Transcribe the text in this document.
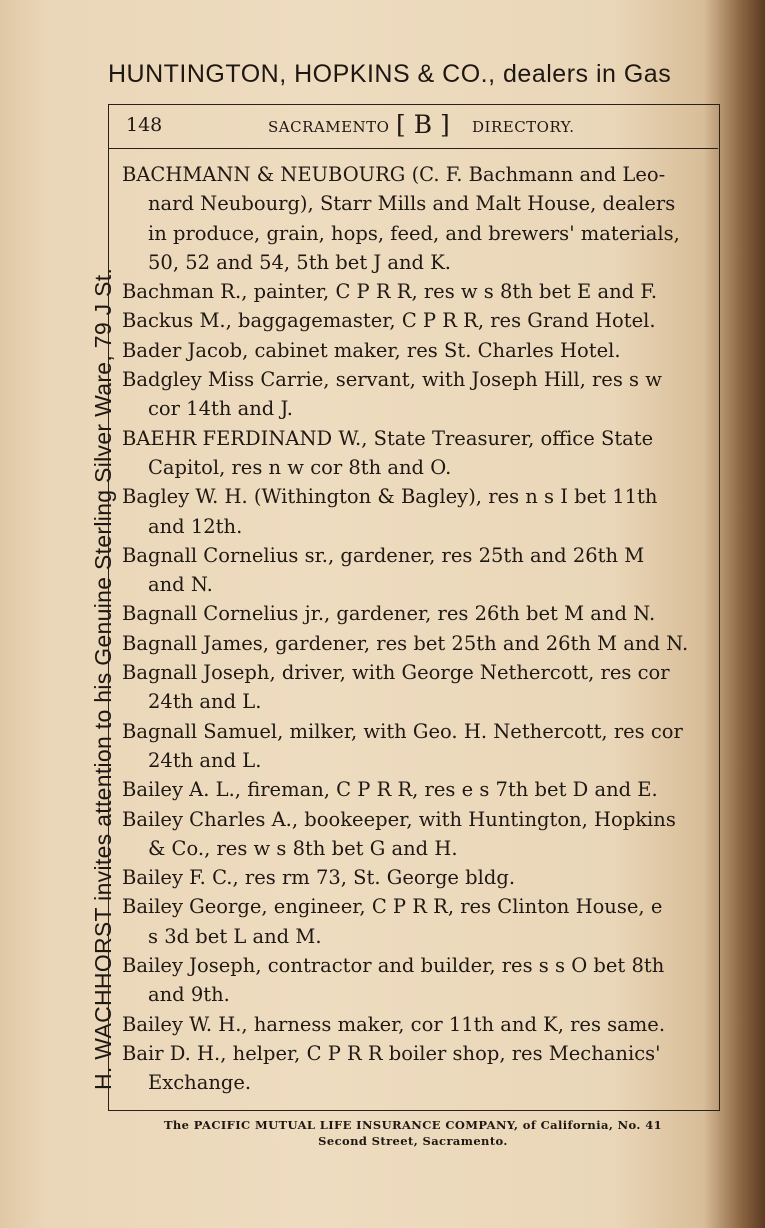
HUNTINGTON, HOPKINS & CO., dealers in Gas
H. WACHHORST invites attention to his Genuine Sterling Silver Ware, 79 J St.
148	SACRAMENTO [ B ] DIRECTORY.
BACHMANN & NEUBOURG (C. F. Bachmann and Leo-
nard Neubourg), Starr Mills and Malt House, dealers
in produce, grain, hops, feed, and brewers' materials,
50, 52 and 54, 5th bet J and K.
Bachman R., painter, C P R R, res w s 8th bet E and F.
Backus M., baggagemaster, C P R R, res Grand Hotel.
Bader Jacob, cabinet maker, res St. Charles Hotel.
Badgley Miss Carrie, servant, with Joseph Hill, res s w
cor 14th and J.
BAEHR FERDINAND W., State Treasurer, office State
Capitol, res n w cor 8th and O.
Bagley W. H. (Withington & Bagley), res n s I bet 11th
and 12th.
Bagnall Cornelius sr., gardener, res 25th and 26th M
and N.
Bagnall Cornelius jr., gardener, res 26th bet M and N.
Bagnall James, gardener, res bet 25th and 26th M and N.
Bagnall Joseph, driver, with George Nethercott, res cor
24th and L.
Bagnall Samuel, milker, with Geo. H. Nethercott, res cor
24th and L.
Bailey A. L., fireman, C P R R, res e s 7th bet D and E.
Bailey Charles A., bookeeper, with Huntington, Hopkins
& Co., res w s 8th bet G and H.
Bailey F. C., res rm 73, St. George bldg.
Bailey George, engineer, C P R R, res Clinton House, e
s 3d bet L and M.
Bailey Joseph, contractor and builder, res s s O bet 8th
and 9th.
Bailey W. H., harness maker, cor 11th and K, res same.
Bair D. H., helper, C P R R boiler shop, res Mechanics'
Exchange.
The PACIFIC MUTUAL LIFE INSURANCE COMPANY, of California, No. 41
Second Street, Sacramento.
